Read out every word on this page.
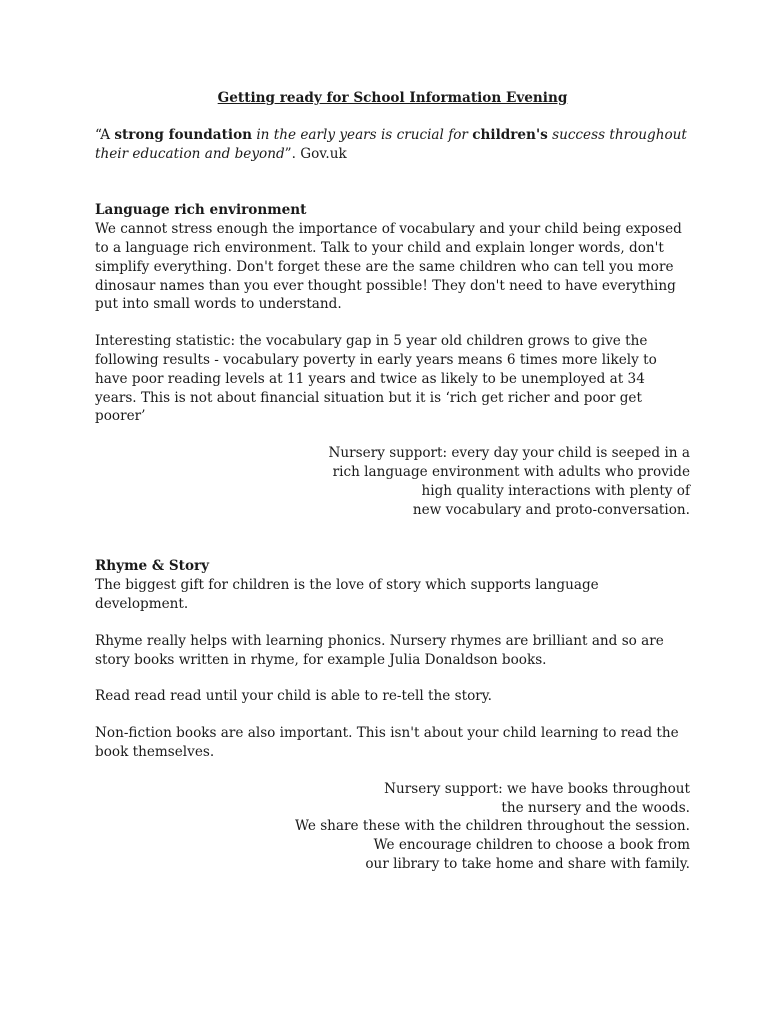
Getting ready for School Information Evening

“A strong foundation in the early years is crucial for children's success throughout their education and beyond”. Gov.uk

Language rich environment

We cannot stress enough the importance of vocabulary and your child being exposed to a language rich environment. Talk to your child and explain longer words, don't simplify everything. Don't forget these are the same children who can tell you more dinosaur names than you ever thought possible! They don't need to have everything put into small words to understand.

Interesting statistic: the vocabulary gap in 5 year old children grows to give the following results - vocabulary poverty in early years means 6 times more likely to have poor reading levels at 11 years and twice as likely to be unemployed at 34 years. This is not about financial situation but it is ‘rich get richer and poor get poorer’

Nursery support: every day your child is seeped in a
rich language environment with adults who provide
high quality interactions with plenty of
new vocabulary and proto-conversation.
Rhyme & Story

The biggest gift for children is the love of story which supports language development.

Rhyme really helps with learning phonics. Nursery rhymes are brilliant and so are story books written in rhyme, for example Julia Donaldson books.

Read read read until your child is able to re-tell the story.

Non-fiction books are also important. This isn't about your child learning to read the book themselves.

Nursery support: we have books throughout
the nursery and the woods.
We share these with the children throughout the session.
We encourage children to choose a book from
our library to take home and share with family.
